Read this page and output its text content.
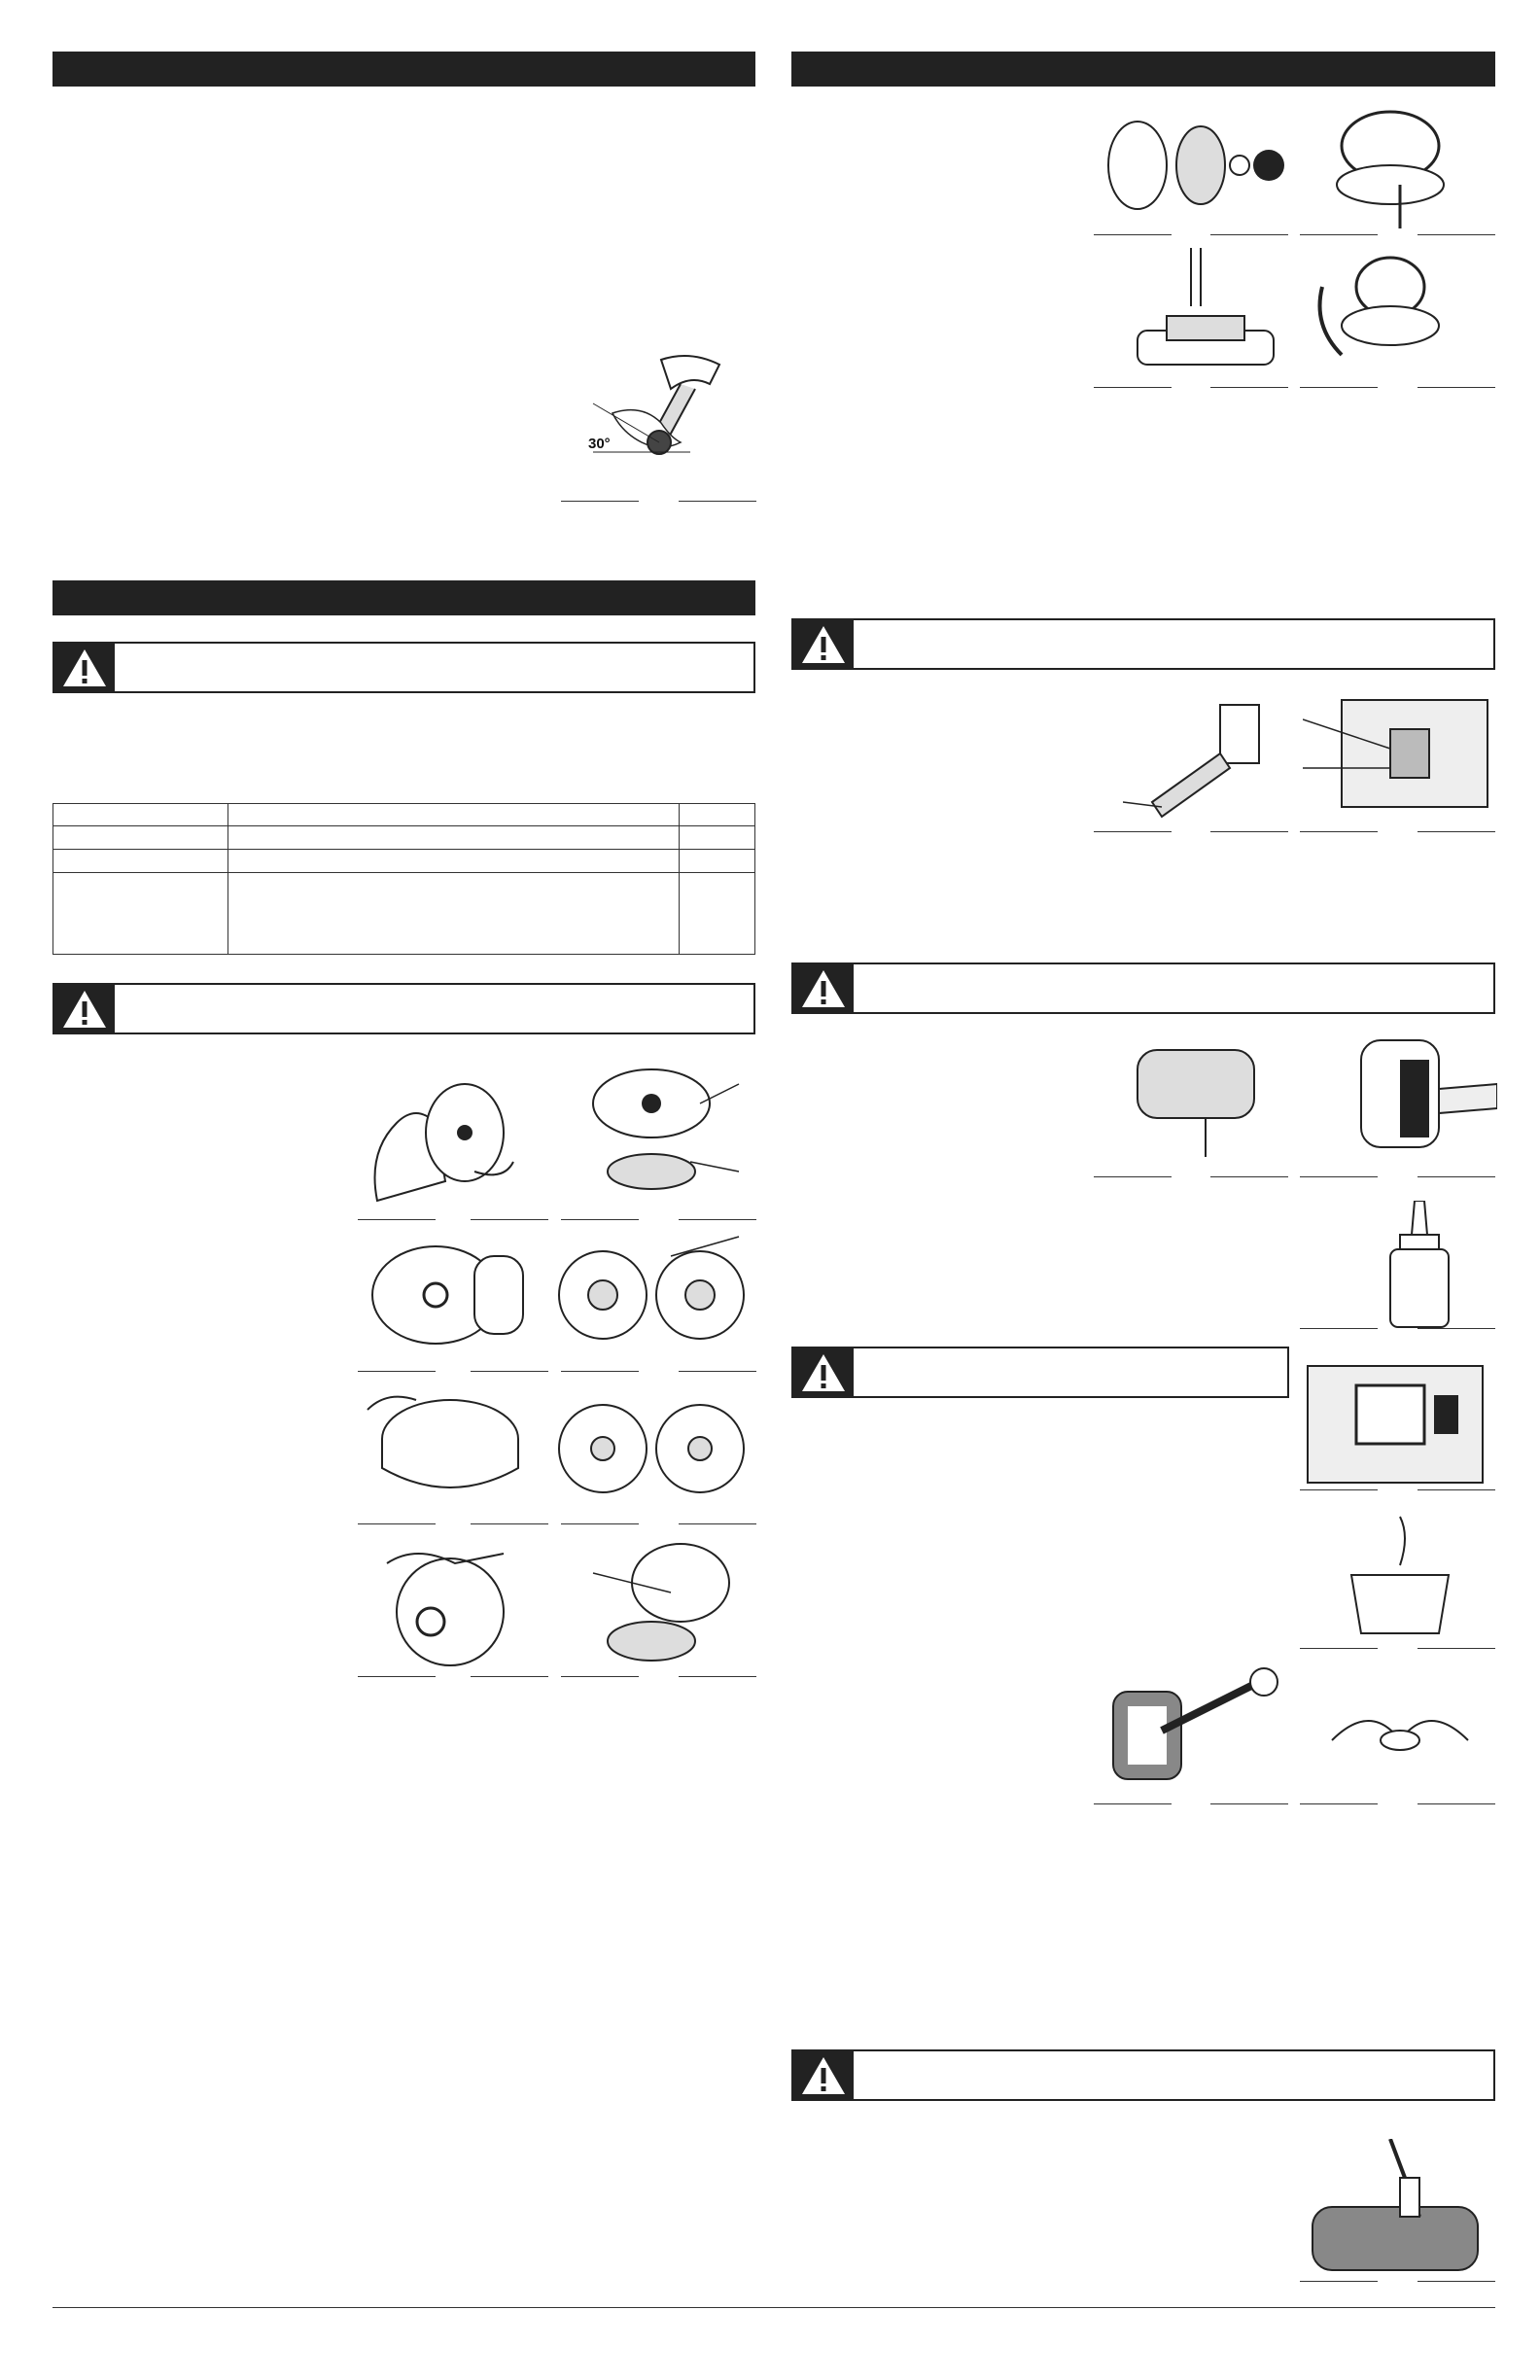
30°
